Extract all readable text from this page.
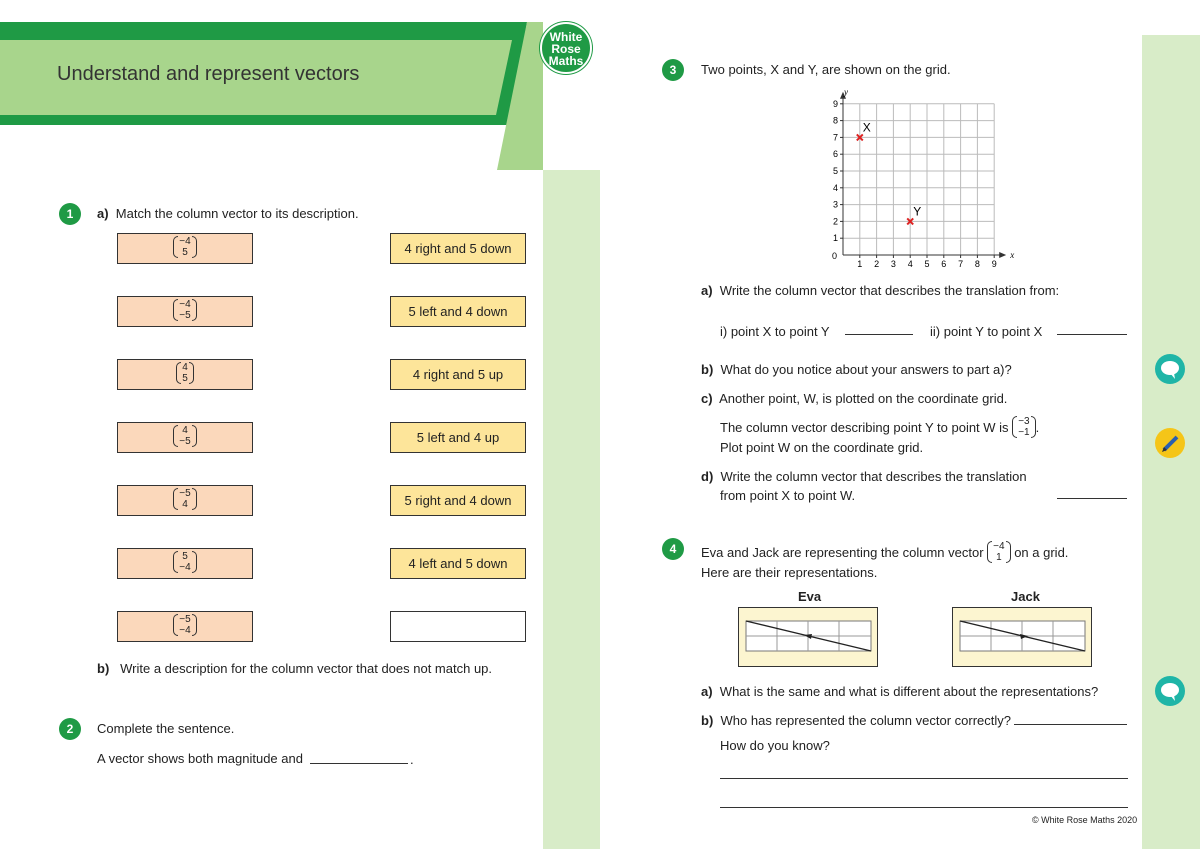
White
Rose
Maths
Understand and represent vectors
1	a) Match the column vector to its description.
−4
5	4 right and 5 down
−4
−5	5 left and 4 down
4
5	4 right and 5 up
4
−5	5 left and 4 up
−5
4	5 right and 4 down
5
−4	4 left and 5 down
−5
−4
b) Write a description for the column vector that does not match up.
2	Complete the sentence.
A vector shows both magnitude and	.
3	Two points, X and Y, are shown on the grid.
1 2 3 4 5 6 7 8 9
1
2
3
4
5
6
7
8
9
0	x
y
X
Y
a) Write the column vector that describes the translation from:
i) point X to point Y	ii) point Y to point X
b) What do you notice about your answers to part a)?
c) Another point, W, is plotted on the coordinate grid.
The column vector describing point Y to point W is −3
−1 .
Plot point W on the coordinate grid.
d) Write the column vector that describes the translation
from point X to point W.
4	Eva and Jack are representing the column vector −4
1 on a grid.
Here are their representations.
Eva	Jack
a) What is the same and what is different about the representations?
b) Who has represented the column vector correctly?
How do you know?
© White Rose Maths 2020
